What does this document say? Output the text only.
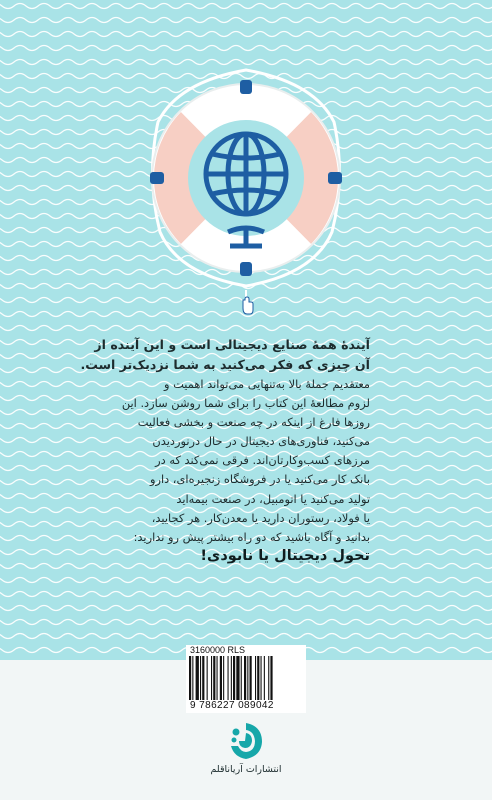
آیندۀ همۀ صنایع دیجیتالی است و این آینده از
آن چیزی که فکر می‌کنید به شما نزدیک‌تر است.

معتقدیم جملۀ بالا به‌تنهایی می‌تواند اهمیت و
لزوم مطالعۀ این کتاب را برای شما روشن سازد. این
روزها فارغ از اینکه در چه صنعت و بخشی فعالیت
می‌کنید، فناوری‌های دیجیتال در حال درنوردیدن
مرزهای کسب‌وکارتان‌اند. فرقی نمی‌کند که در
بانک کار می‌کنید یا در فروشگاه زنجیره‌ای، دارو
تولید می‌کنید یا اتومبیل، در صنعت بیمه‌اید
یا فولاد، رستوران دارید یا معدن‌کار. هر کجایید،
بدانید و آگاه باشید که دو راه بیشتر پیش رو ندارید:

تحول دیجیتال یا نابودی!

3160000 RLS
9 786227 089042
انتشارات آریاناقلم
